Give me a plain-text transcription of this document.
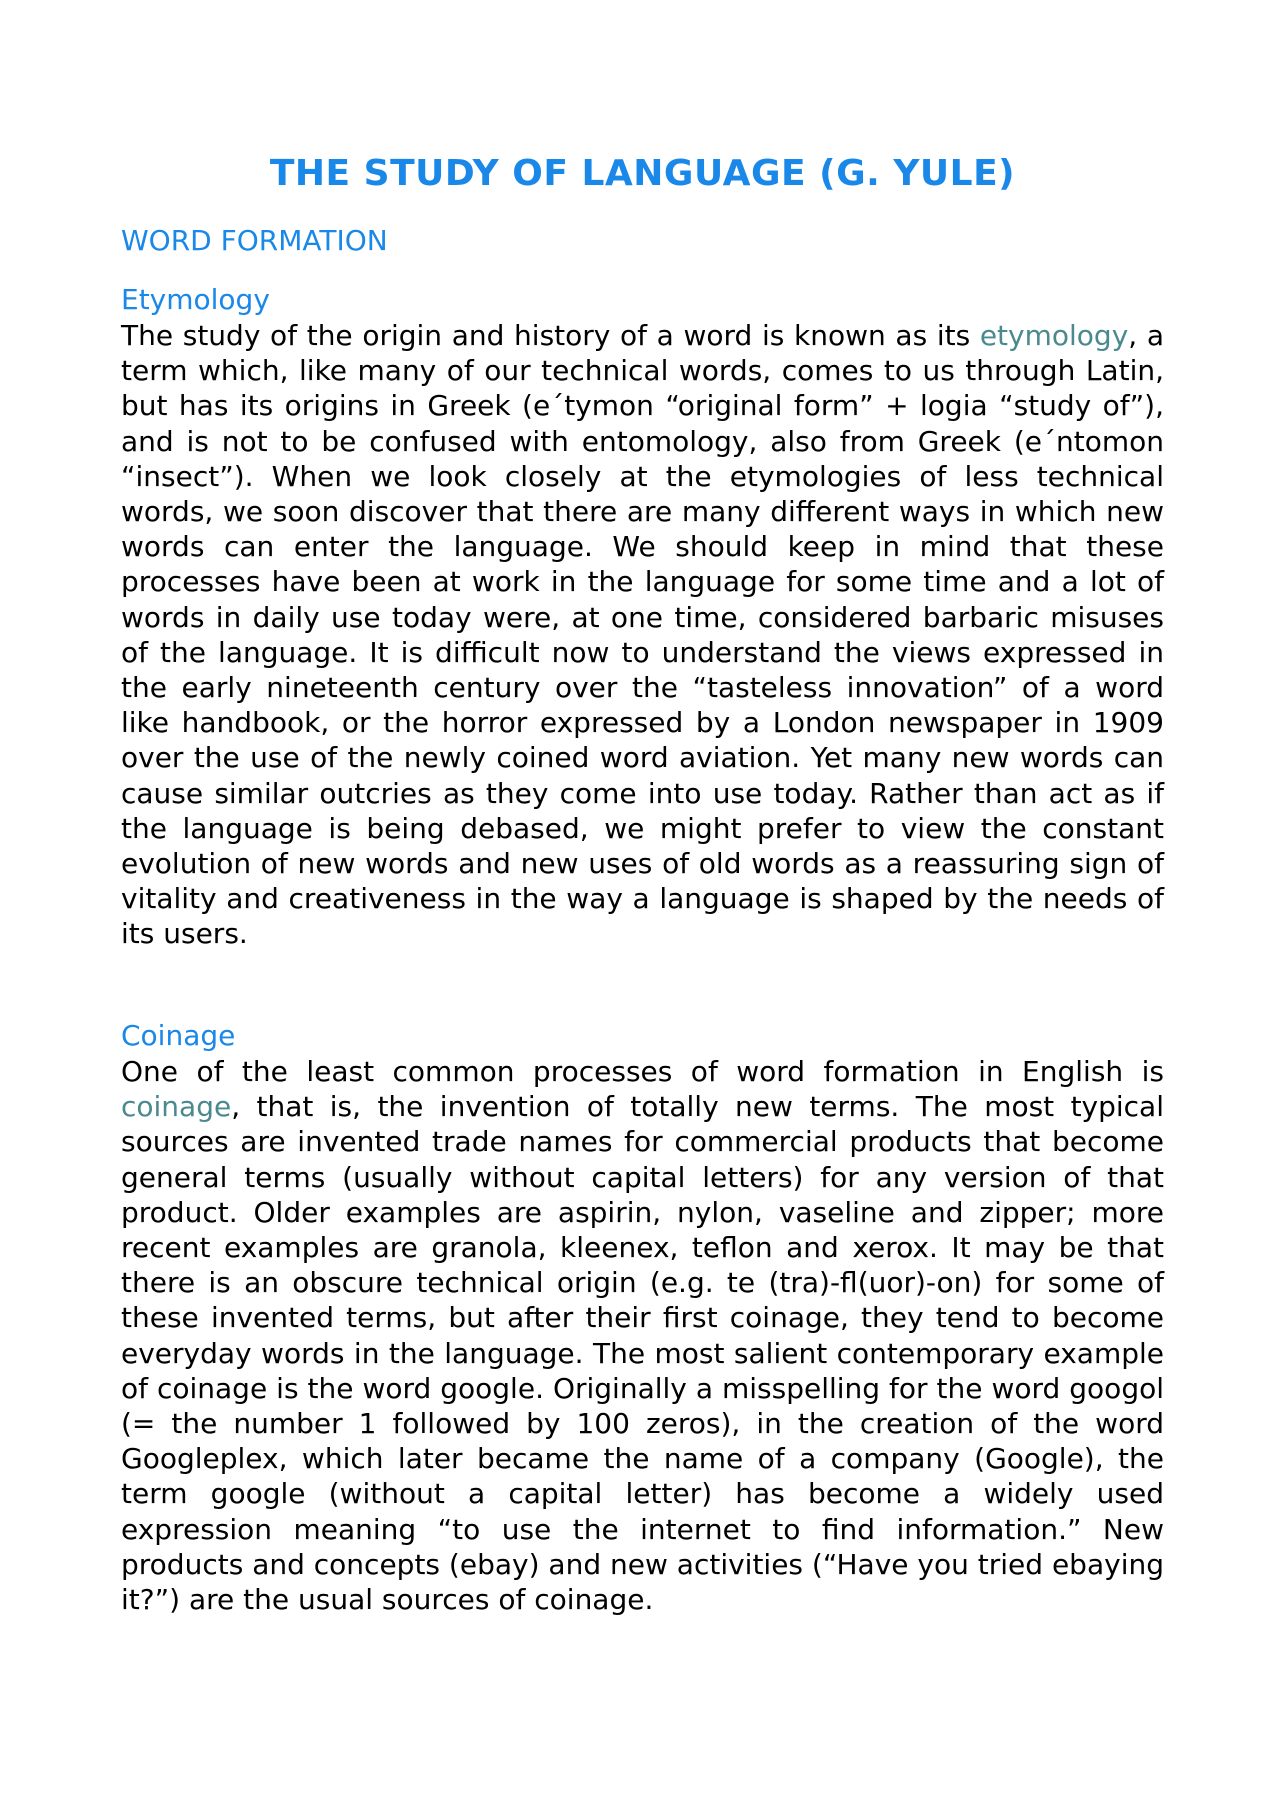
THE STUDY OF LANGUAGE (G. YULE)
WORD FORMATION
Etymology

The study of the origin and history of a word is known as its etymology, a term which, like many of our technical words, comes to us through Latin, but has its origins in Greek (e´tymon “original form” + logia “study of”), and is not to be confused with entomology, also from Greek (e´ntomon “insect”). When we look closely at the etymologies of less technical words, we soon discover that there are many different ways in which new words can enter the language. We should keep in mind that these processes have been at work in the language for some time and a lot of words in daily use today were, at one time, considered barbaric misuses of the language. It is difficult now to understand the views expressed in the early nineteenth century over the “tasteless innovation” of a word like handbook, or the horror expressed by a London newspaper in 1909 over the use of the newly coined word aviation. Yet many new words can cause similar outcries as they come into use today. Rather than act as if the language is being debased, we might prefer to view the constant evolution of new words and new uses of old words as a reassuring sign of vitality and creativeness in the way a language is shaped by the needs of its users.

Coinage

One of the least common processes of word formation in English is coinage, that is, the invention of totally new terms. The most typical sources are invented trade names for commercial products that become general terms (usually without capital letters) for any version of that product. Older examples are aspirin, nylon, vaseline and zipper; more recent examples are granola, kleenex, teflon and xerox. It may be that there is an obscure technical origin (e.g. te (tra)-fl(uor)-on) for some of these invented terms, but after their first coinage, they tend to become everyday words in the language. The most salient contemporary example of coinage is the word google. Originally a misspelling for the word googol (= the number 1 followed by 100 zeros), in the creation of the word Googleplex, which later became the name of a company (Google), the term google (without a capital letter) has become a widely used expression meaning “to use the internet to find information.” New products and concepts (ebay) and new activities (“Have you tried ebaying it?”) are the usual sources of coinage.
